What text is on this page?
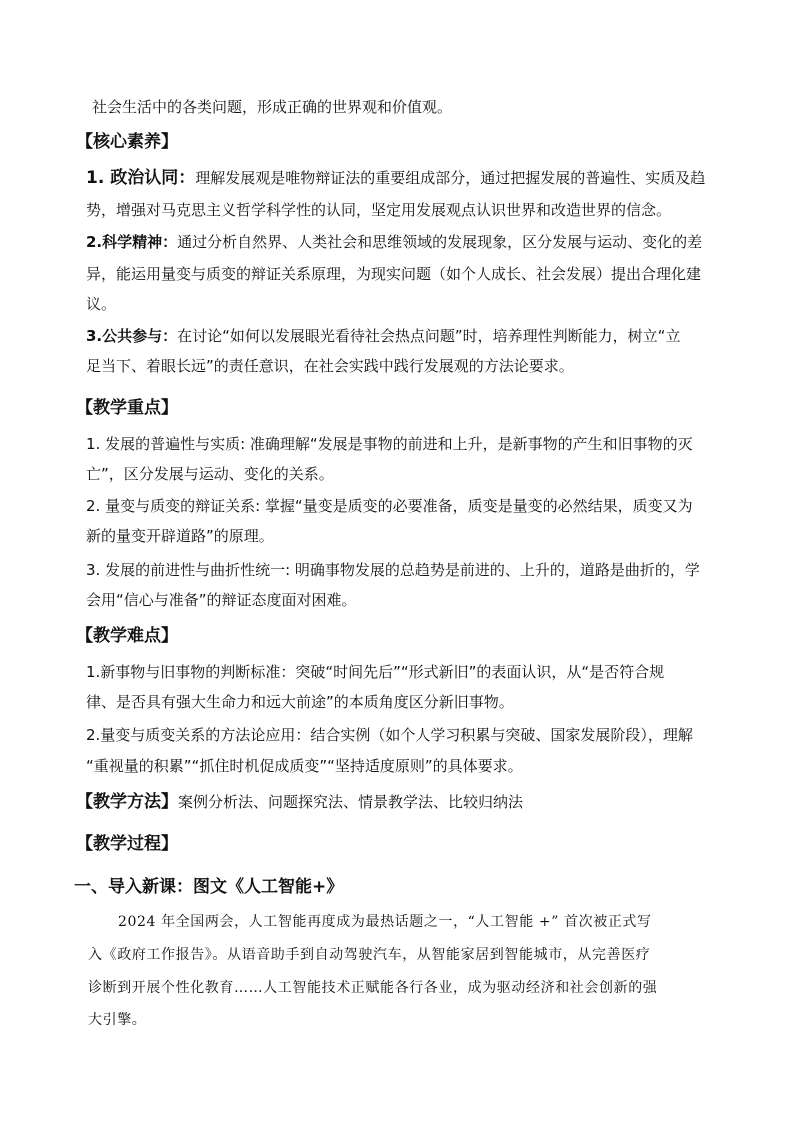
社会生活中的各类问题，形成正确的世界观和价值观。
【核心素养】
1. 政治认同：理解发展观是唯物辩证法的重要组成部分，通过把握发展的普遍性、实质及趋
势，增强对马克思主义哲学科学性的认同，坚定用发展观点认识世界和改造世界的信念。
2.科学精神：通过分析自然界、人类社会和思维领域的发展现象，区分发展与运动、变化的差
异，能运用量变与质变的辩证关系原理，为现实问题（如个人成长、社会发展）提出合理化建
议。
3.公共参与：在讨论“如何以发展眼光看待社会热点问题”时，培养理性判断能力，树立“立
足当下、着眼长远”的责任意识，在社会实践中践行发展观的方法论要求。
【教学重点】
1. 发展的普遍性与实质: 准确理解“发展是事物的前进和上升，是新事物的产生和旧事物的灭
亡”，区分发展与运动、变化的关系。
2. 量变与质变的辩证关系: 掌握“量变是质变的必要准备，质变是量变的必然结果，质变又为
新的量变开辟道路”的原理。
3. 发展的前进性与曲折性统一: 明确事物发展的总趋势是前进的、上升的，道路是曲折的，学
会用“信心与准备”的辩证态度面对困难。
【教学难点】
1.新事物与旧事物的判断标准：突破“时间先后”“形式新旧”的表面认识，从“是否符合规
律、是否具有强大生命力和远大前途”的本质角度区分新旧事物。
2.量变与质变关系的方法论应用：结合实例（如个人学习积累与突破、国家发展阶段），理解
“重视量的积累”“抓住时机促成质变”“坚持适度原则”的具体要求。
【教学方法】案例分析法、问题探究法、情景教学法、比较归纳法
【教学过程】
一、导入新课：图文《人工智能+》
2024 年全国两会，人工智能再度成为最热话题之一，“人工智能 +” 首次被正式写
入《政府工作报告》。从语音助手到自动驾驶汽车，从智能家居到智能城市，从完善医疗
诊断到开展个性化教育……人工智能技术正赋能各行各业，成为驱动经济和社会创新的强
大引擎。
